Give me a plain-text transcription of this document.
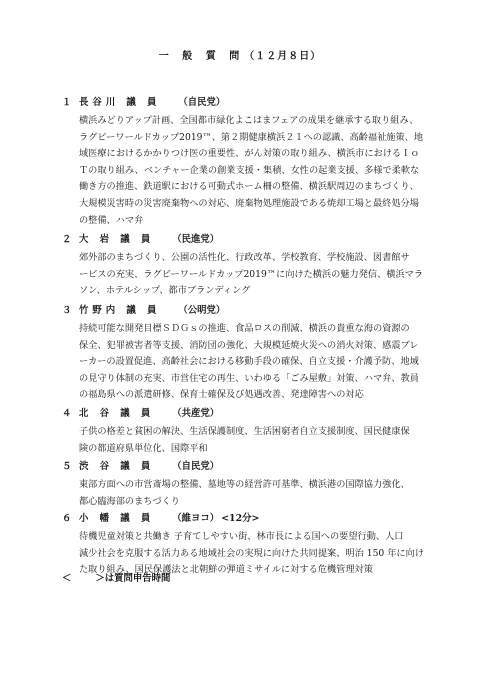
一 般 質 問（１２月８日）
１ 長谷川 議 員 （自民党）
横浜みどりアップ計画、全国都市緑化よこはまフェアの成果を継承する取り組み、
ラグビーワールドカップ2019™、第２期健康横浜２１への認識、高齢福祉施策、地
域医療におけるかかりつけ医の重要性、がん対策の取り組み、横浜市におけるＩｏ
Ｔの取り組み、ベンチャー企業の創業支援・集積、女性の起業支援、多様で柔軟な
働き方の推進、鉄道駅における可動式ホーム柵の整備、横浜駅周辺のまちづくり、
大規模災害時の災害廃棄物への対応、廃棄物処理施設である焼却工場と最終処分場
の整備、ハマ弁
２ 大 岩 議 員 （民進党）
郊外部のまちづくり、公園の活性化、行政改革、学校教育、学校施設、図書館サ
ービスの充実、ラグビーワールドカップ2019™に向けた横浜の魅力発信、横浜マラ
ソン、ホテルシップ、都市ブランディング
３ 竹野内 議 員 （公明党）
持続可能な開発目標ＳＤＧｓの推進、食品ロスの削減、横浜の貴重な海の資源の
保全、犯罪被害者等支援、消防団の強化、大規模延焼火災への消火対策、感震ブレ
ーカーの設置促進、高齢社会における移動手段の確保、自立支援・介護予防、地域
の見守り体制の充実、市営住宅の再生、いわゆる「ごみ屋敷」対策、ハマ弁、教員
の福島県への派遣研修、保育士確保及び処遇改善、発達障害への対応
４ 北 谷 議 員 （共産党）
子供の格差と貧困の解決、生活保護制度、生活困窮者自立支援制度、国民健康保
険の都道府県単位化、国際平和
５ 渋 谷 議 員 （自民党）
東部方面への市営斎場の整備、墓地等の経営許可基準、横浜港の国際協力強化、
都心臨海部のまちづくり
６ 小 幡 議 員 （維ヨコ） <12分>
待機児童対策と共働き 子育てしやすい街、林市長による国への要望行動、人口
減少社会を克服する活力ある地域社会の実現に向けた共同提案、明治 150 年に向け
た取り組み、国民保護法と北朝鮮の弾道ミサイルに対する危機管理対策
＜	＞は質問申告時間
